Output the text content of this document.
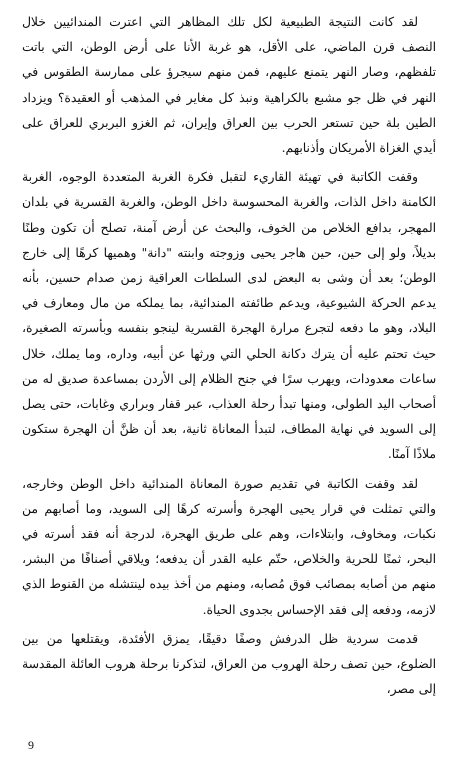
لقد كانت النتيجة الطبيعية لكل تلك المظاهر التي اعترت المندائيين خلال النصف قرن الماضي، على الأقل، هو غربة الأنا على أرض الوطن، التي باتت تلفظهم، وصار النهر يتمنع عليهم، فمن منهم سيجرؤ على ممارسة الطقوس في النهر في ظل جو مشبع بالكراهية ونبذ كل مغاير في المذهب أو العقيدة؟ ويزداد الطين بلة حين تستعر الحرب بين العراق وإيران، ثم الغزو البربري للعراق على أيدي الغزاة الأمريكان وأذنابهم.

وقفت الكاتبة في تهيئة القاريء لتقبل فكرة الغربة المتعددة الوجوه، الغربة الكامنة داخل الذات، والغربة المحسوسة داخل الوطن، والغربة القسرية في بلدان المهجر، بدافع الخلاص من الخوف، والبحث عن أرض آمنة، تصلح أن تكون وطنًا بديلاً، ولو إلى حين، حين هاجر يحيى وزوجته وابنته "دانة" وهميها كرهًا إلى خارج الوطن؛ بعد أن وشى به البعض لدى السلطات العراقية زمن صدام حسين، بأنه يدعم الحركة الشيوعية، ويدعم طائفته المندائية، بما يملكه من مال ومعارف في البلاد، وهو ما دفعه لتجرع مرارة الهجرة القسرية لينجو بنفسه وبأسرته الصغيرة، حيث تحتم عليه أن يترك دكانة الحلي التي ورثها عن أبيه، وداره، وما يملك، خلال ساعات معدودات، ويهرب سرًا في جنح الظلام إلى الأردن بمساعدة صديق له من أصحاب اليد الطولى، ومنها تبدأ رحلة العذاب، عبر قفار وبراري وغابات، حتى يصل إلى السويد في نهاية المطاف، لتبدأ المعاناة ثانية، بعد أن ظنَّ أن الهجرة ستكون ملاذًا آمنًا.

لقد وقفت الكاتبة في تقديم صورة المعاناة المندائية داخل الوطن وخارجه، والتي تمثلت في قرار يحيى الهجرة وأسرته كرهًا إلى السويد، وما أصابهم من نكبات، ومخاوف، وابتلاءات، وهم على طريق الهجرة، لدرجة أنه فقد أسرته في البحر، ثمنًا للحرية والخلاص، حتّم عليه القدر أن يدفعه؛ ويلاقي أصنافًا من البشر، منهم من أصابه بمصائب فوق مُصابه، ومنهم من أخذ بيده لينتشله من القنوط الذي لازمه، ودفعه إلى فقد الإحساس بجدوى الحياة.

قدمت سردية ظل الدرفش وصفًا دقيقًا، يمزق الأفئدة، ويقتلعها من بين الضلوع، حين تصف رحلة الهروب من العراق، لتذكرنا برحلة هروب العائلة المقدسة إلى مصر،

9
